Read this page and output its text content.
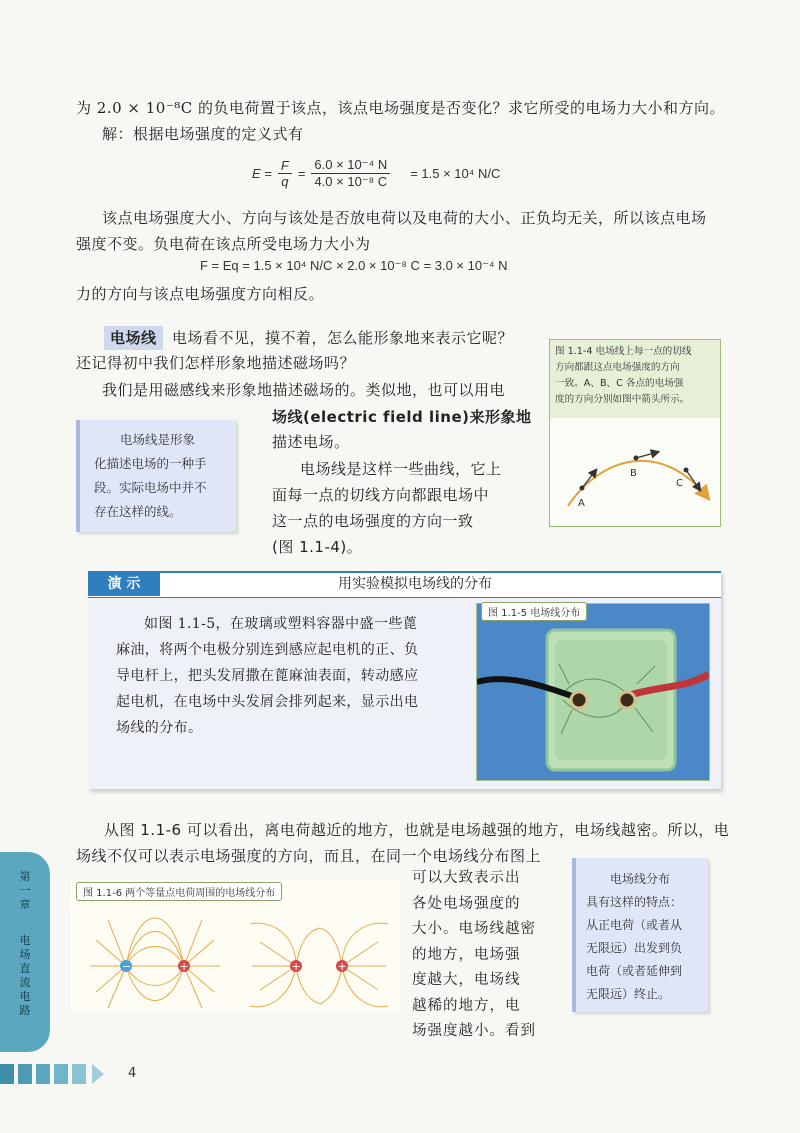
为 2.0 × 10⁻⁸C 的负电荷置于该点，该点电场强度是否变化？求它所受的电场力大小和方向。
解：根据电场强度的定义式有
$E = \frac{F}{q} = \frac{\text{6.0 × 10⁻⁴ N}}{\text{4.0 × 10⁻⁸ C}} = 1.5 \times 10^4$ N/C
该点电场强度大小、方向与该处是否放电荷以及电荷的大小、正负均无关，所以该点电场
强度不变。负电荷在该点所受电场力大小为
F = Eq = 1.5 × 10⁴ N/C × 2.0 × 10⁻⁸ C = 3.0 × 10⁻⁴ N
力的方向与该点电场强度方向相反。
电场线	电场看不见，摸不着，怎么能形象地来表示它呢？
还记得初中我们怎样形象地描述磁场吗？
我们是用磁感线来形象地描述磁场的。类似地，也可以用电
场线(electric field line)来形象地
描述电场。
电场线是这样一些曲线，它上
面每一点的切线方向都跟电场中
这一点的电场强度的方向一致
(图 1.1-4)。
电场线是形象
化描述电场的一种手
段。实际电场中并不
存在这样的线。
图 1.1-4 电场线上每一点的切线
方向都跟这点电场强度的方向
一致。A、B、C 各点的电场强
度的方向分别如图中箭头所示。
A
B
C
演 示	用实验模拟电场线的分布
如图 1.1-5，在玻璃或塑料容器中盛一些蓖
麻油，将两个电极分别连到感应起电机的正、负
导电杆上，把头发屑撒在蓖麻油表面，转动感应
起电机，在电场中头发屑会排列起来，显示出电
场线的分布。
图 1.1-5 电场线分布
从图 1.1-6 可以看出，离电荷越近的地方，也就是电场越强的地方，电场线越密。所以，电
场线不仅可以表示电场强度的方向，而且，在同一个电场线分布图上
可以大致表示出
各处电场强度的
大小。电场线越密
的地方，电场强
度越大，电场线
越稀的地方，电
场强度越小。看到
−	+	+	+
图 1.1-6 两个等量点电荷周围的电场线分布
电场线分布
具有这样的特点：
从正电荷（或者从
无限远）出发到负
电荷（或者延伸到
无限远）终止。
第一章
电场 直流电路
4
